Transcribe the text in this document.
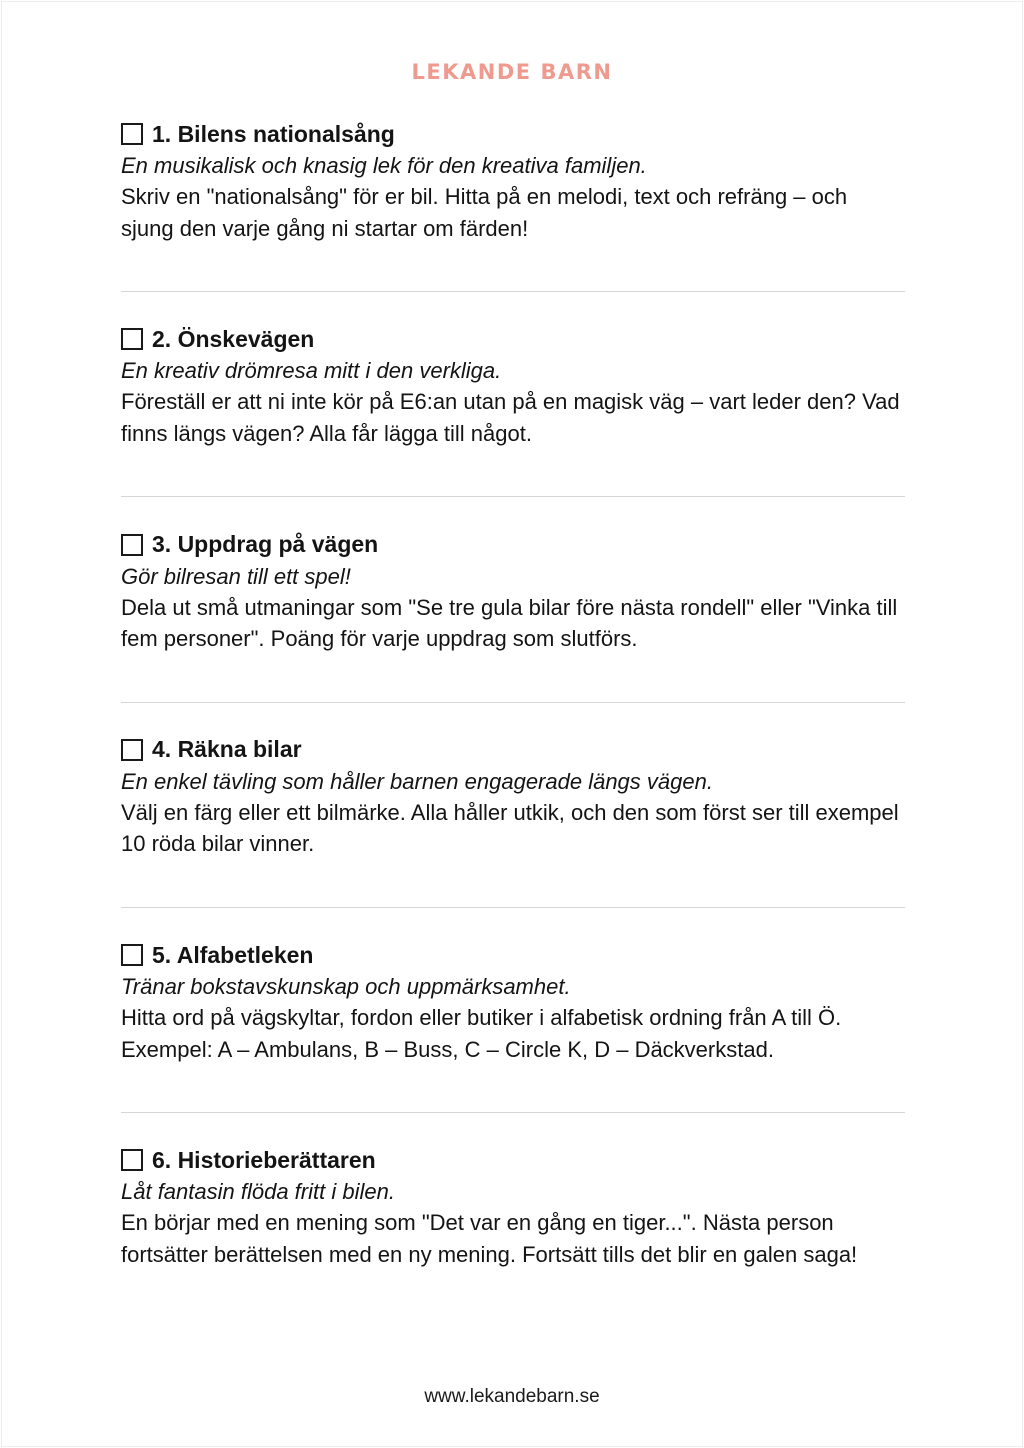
LEKANDE BARN
1. Bilens nationalsång
En musikalisk och knasig lek för den kreativa familjen.
Skriv en "nationalsång" för er bil. Hitta på en melodi, text och refräng – och sjung den varje gång ni startar om färden!
2. Önskevägen
En kreativ drömresa mitt i den verkliga.
Föreställ er att ni inte kör på E6:an utan på en magisk väg – vart leder den? Vad finns längs vägen? Alla får lägga till något.
3. Uppdrag på vägen
Gör bilresan till ett spel!
Dela ut små utmaningar som "Se tre gula bilar före nästa rondell" eller "Vinka till fem personer". Poäng för varje uppdrag som slutförs.
4. Räkna bilar
En enkel tävling som håller barnen engagerade längs vägen.
Välj en färg eller ett bilmärke. Alla håller utkik, och den som först ser till exempel 10 röda bilar vinner.
5. Alfabetleken
Tränar bokstavskunskap och uppmärksamhet.
Hitta ord på vägskyltar, fordon eller butiker i alfabetisk ordning från A till Ö. Exempel: A – Ambulans, B – Buss, C – Circle K, D – Däckverkstad.
6. Historieberättaren
Låt fantasin flöda fritt i bilen.
En börjar med en mening som "Det var en gång en tiger...". Nästa person fortsätter berättelsen med en ny mening. Fortsätt tills det blir en galen saga!
www.lekandebarn.se
